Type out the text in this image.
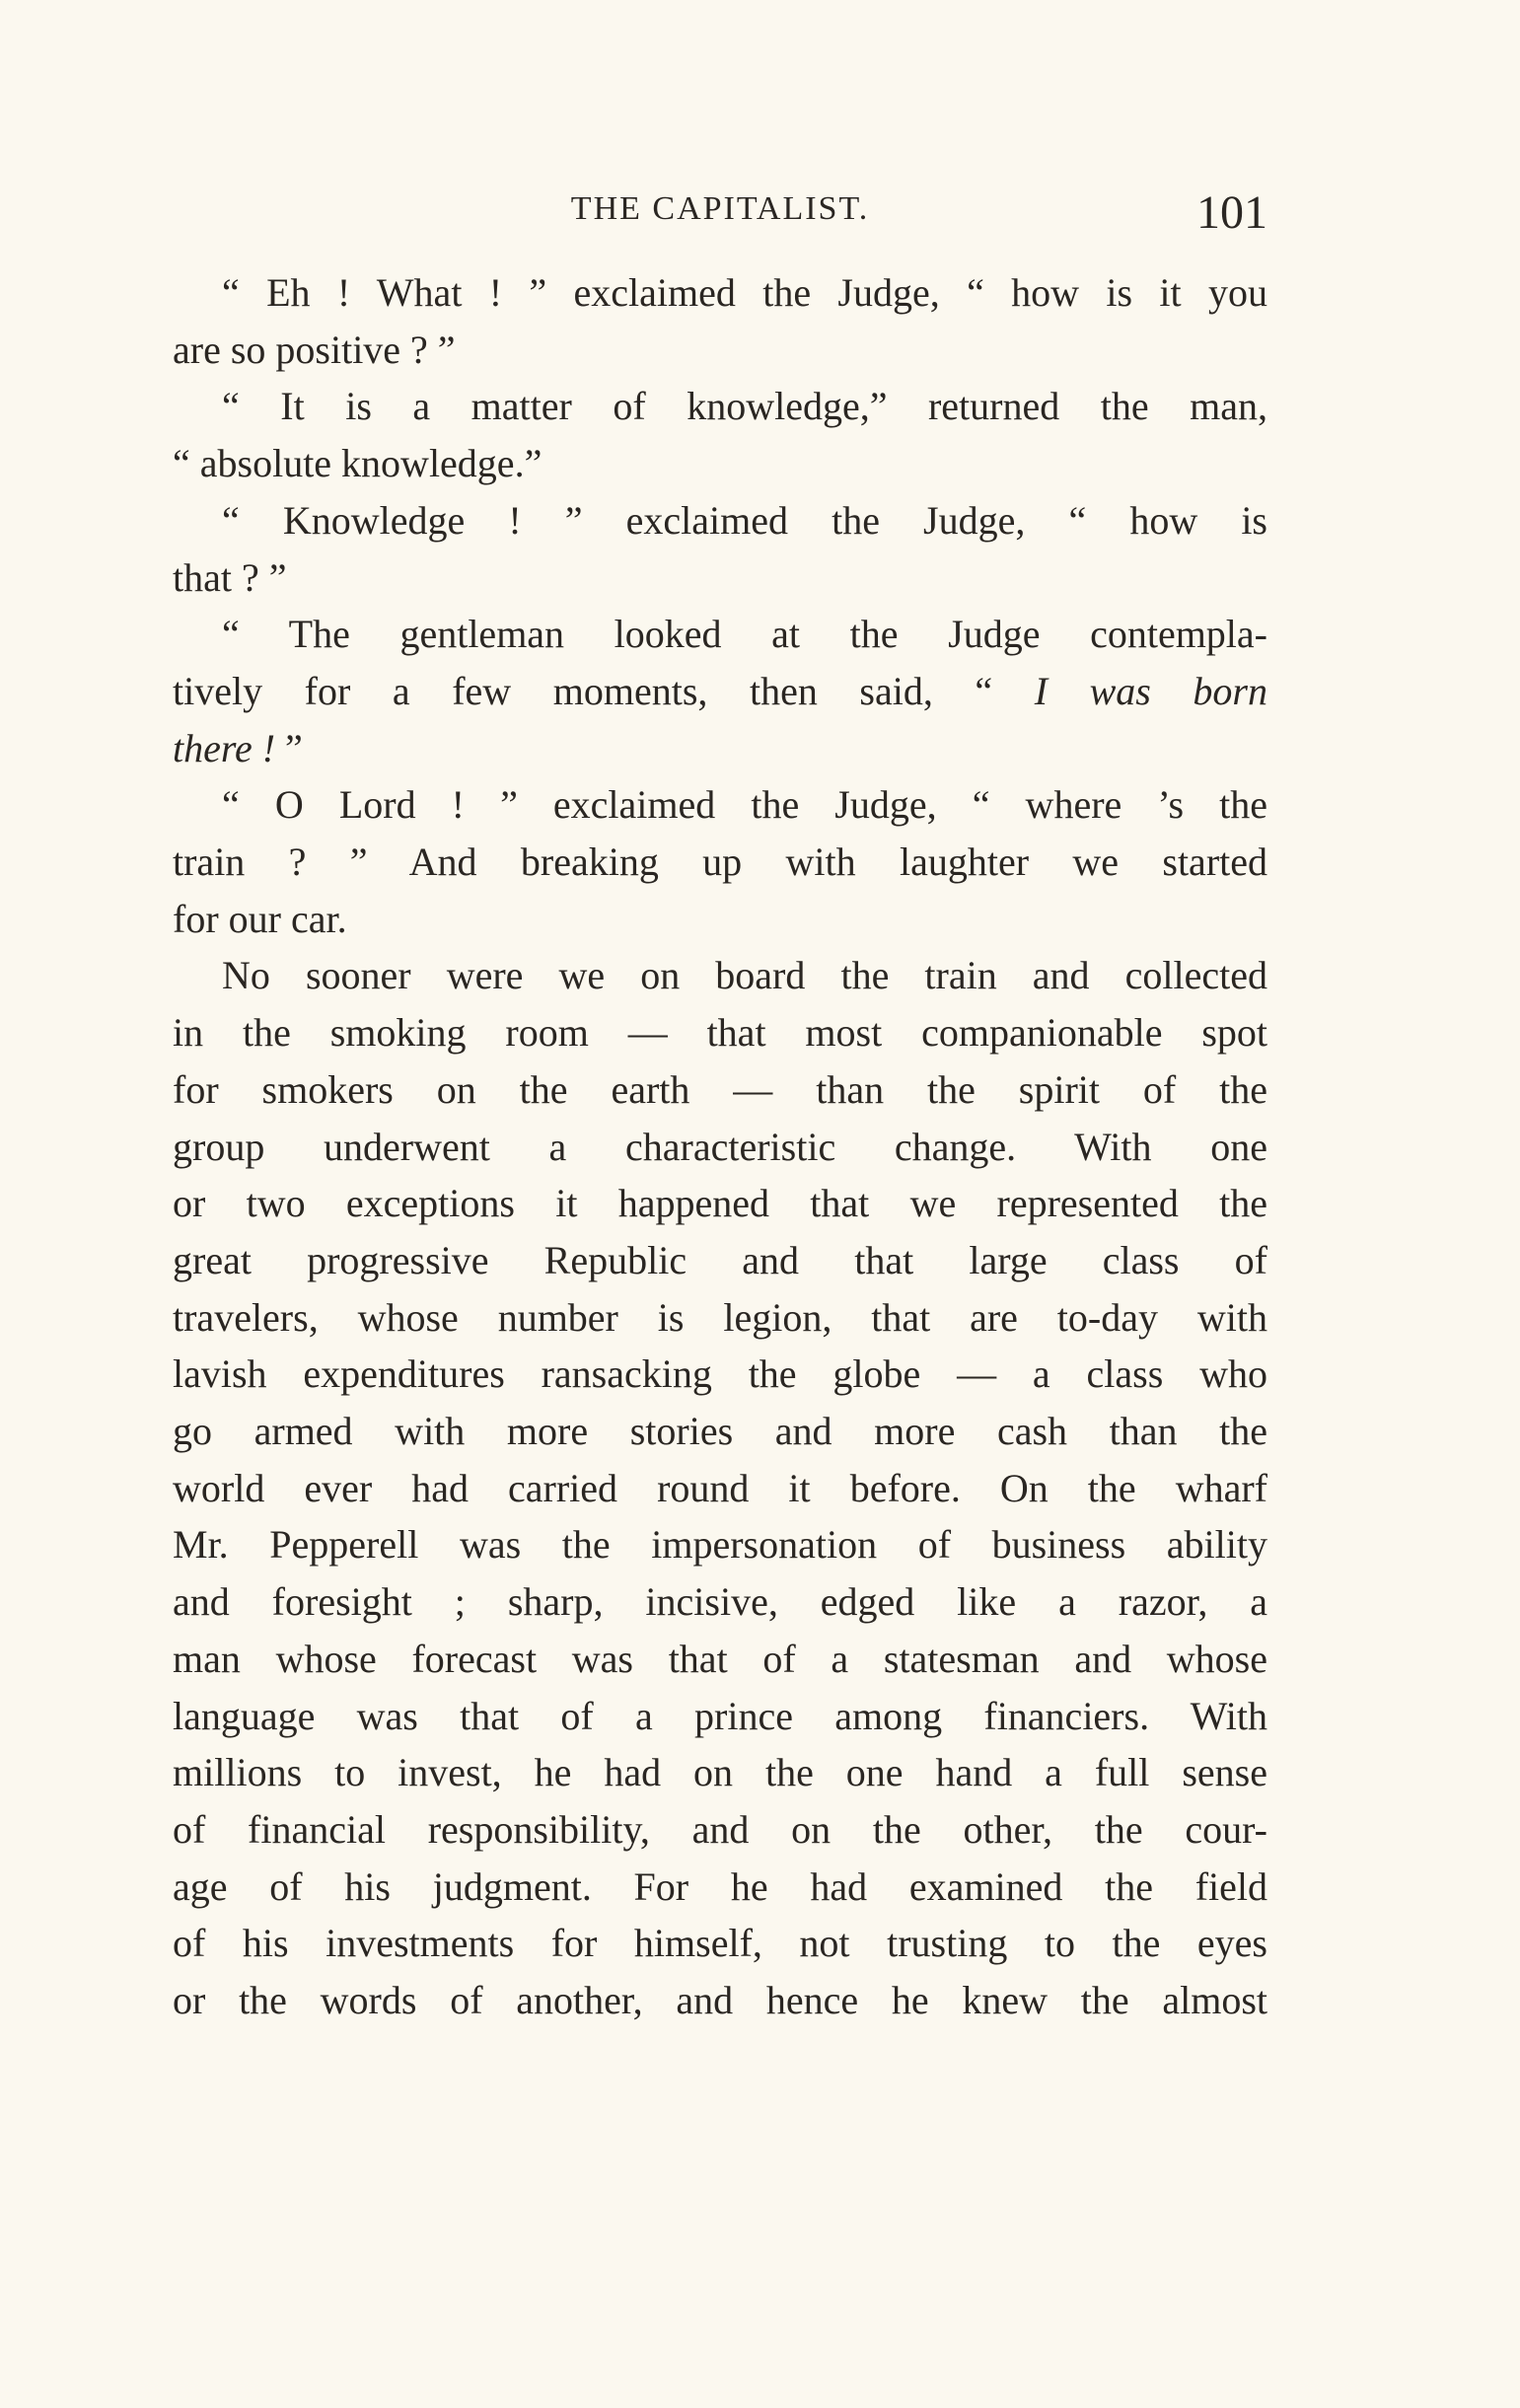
THE CAPITALIST.	101
“ Eh ! What ! ” exclaimed the Judge, “ how is it you
are so positive ? ”
“ It is a matter of knowledge,” returned the man,
“ absolute knowledge.”
“ Knowledge ! ” exclaimed the Judge, “ how is
that ? ”
“ The gentleman looked at the Judge contempla-
tively for a few moments, then said, “ I was born
there ! ”
“ O Lord ! ” exclaimed the Judge, “ where ’s the
train ? ” And breaking up with laughter we started
for our car.
No sooner were we on board the train and collected
in the smoking room — that most companionable spot
for smokers on the earth — than the spirit of the
group underwent a characteristic change. With one
or two exceptions it happened that we represented the
great progressive Republic and that large class of
travelers, whose number is legion, that are to-day with
lavish expenditures ransacking the globe — a class who
go armed with more stories and more cash than the
world ever had carried round it before. On the wharf
Mr. Pepperell was the impersonation of business ability
and foresight ; sharp, incisive, edged like a razor, a
man whose forecast was that of a statesman and whose
language was that of a prince among financiers. With
millions to invest, he had on the one hand a full sense
of financial responsibility, and on the other, the cour-
age of his judgment. For he had examined the field
of his investments for himself, not trusting to the eyes
or the words of another, and hence he knew the almost
